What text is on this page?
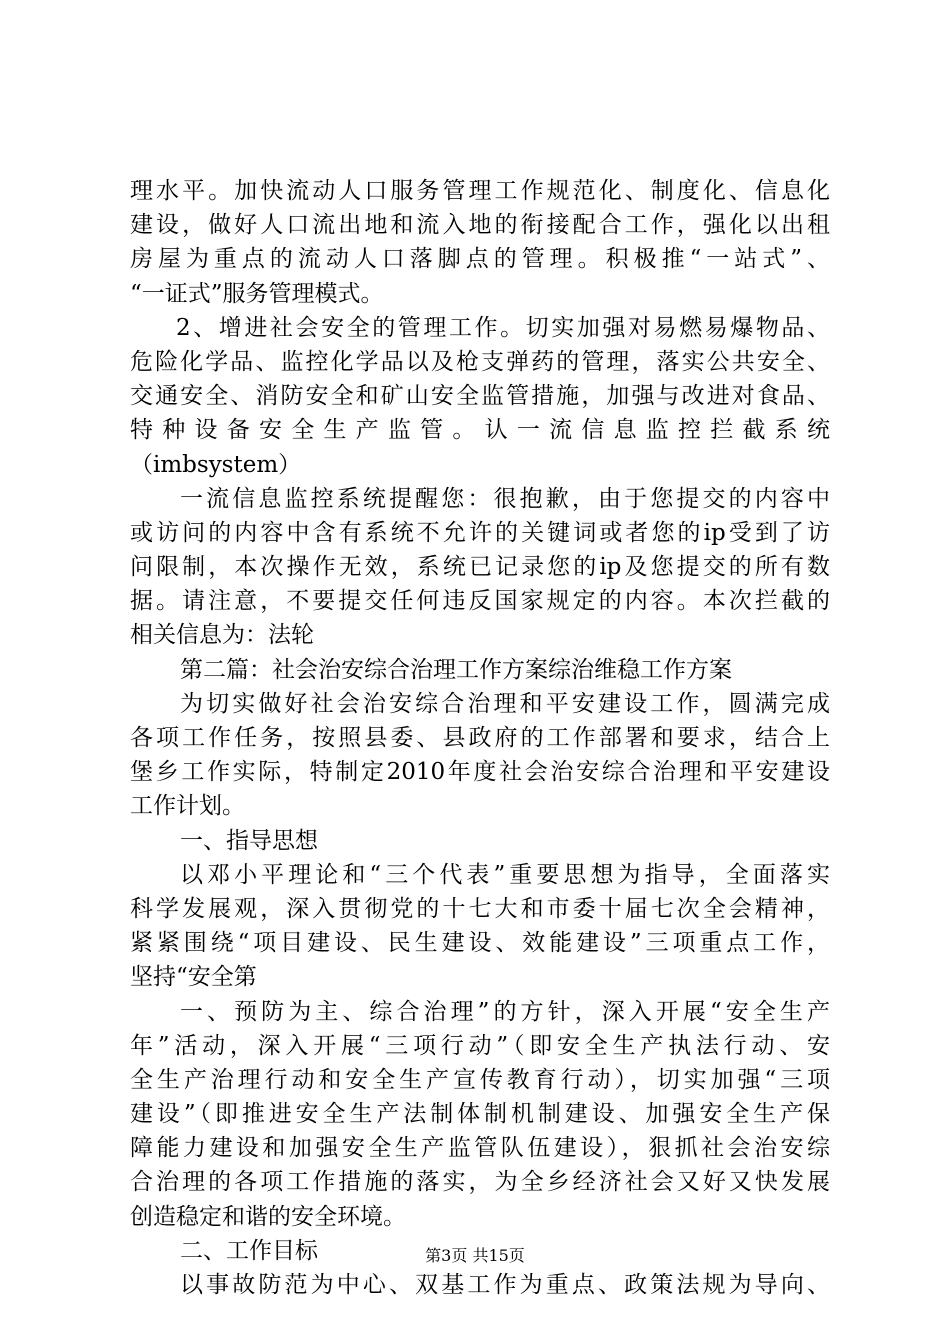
理水平。加快流动人口服务管理工作规范化、制度化、信息化
建设，做好人口流出地和流入地的衔接配合工作，强化以出租
房屋为重点的流动人口落脚点的管理。积极推“一站式”、
“一证式”服务管理模式。
2、增进社会安全的管理工作。切实加强对易燃易爆物品、
危险化学品、监控化学品以及枪支弹药的管理，落实公共安全、
交通安全、消防安全和矿山安全监管措施，加强与改进对食品、
特种设备安全生产监管。认一流信息监控拦截系统
（imbsystem）
一流信息监控系统提醒您：很抱歉，由于您提交的内容中
或访问的内容中含有系统不允许的关键词或者您的ip受到了访
问限制，本次操作无效，系统已记录您的ip及您提交的所有数
据。请注意，不要提交任何违反国家规定的内容。本次拦截的
相关信息为：法轮
第二篇：社会治安综合治理工作方案综治维稳工作方案
为切实做好社会治安综合治理和平安建设工作，圆满完成
各项工作任务，按照县委、县政府的工作部署和要求，结合上
堡乡工作实际，特制定2010年度社会治安综合治理和平安建设
工作计划。
一、指导思想
以邓小平理论和“三个代表”重要思想为指导，全面落实
科学发展观，深入贯彻党的十七大和市委十届七次全会精神，
紧紧围绕“项目建设、民生建设、效能建设”三项重点工作，
坚持“安全第
一、预防为主、综合治理”的方针，深入开展“安全生产
年”活动，深入开展“三项行动”（即安全生产执法行动、安
全生产治理行动和安全生产宣传教育行动），切实加强“三项
建设”（即推进安全生产法制体制机制建设、加强安全生产保
障能力建设和加强安全生产监管队伍建设），狠抓社会治安综
合治理的各项工作措施的落实，为全乡经济社会又好又快发展
创造稳定和谐的安全环境。
二、工作目标
以事故防范为中心、双基工作为重点、政策法规为导向、
第3页 共15页
